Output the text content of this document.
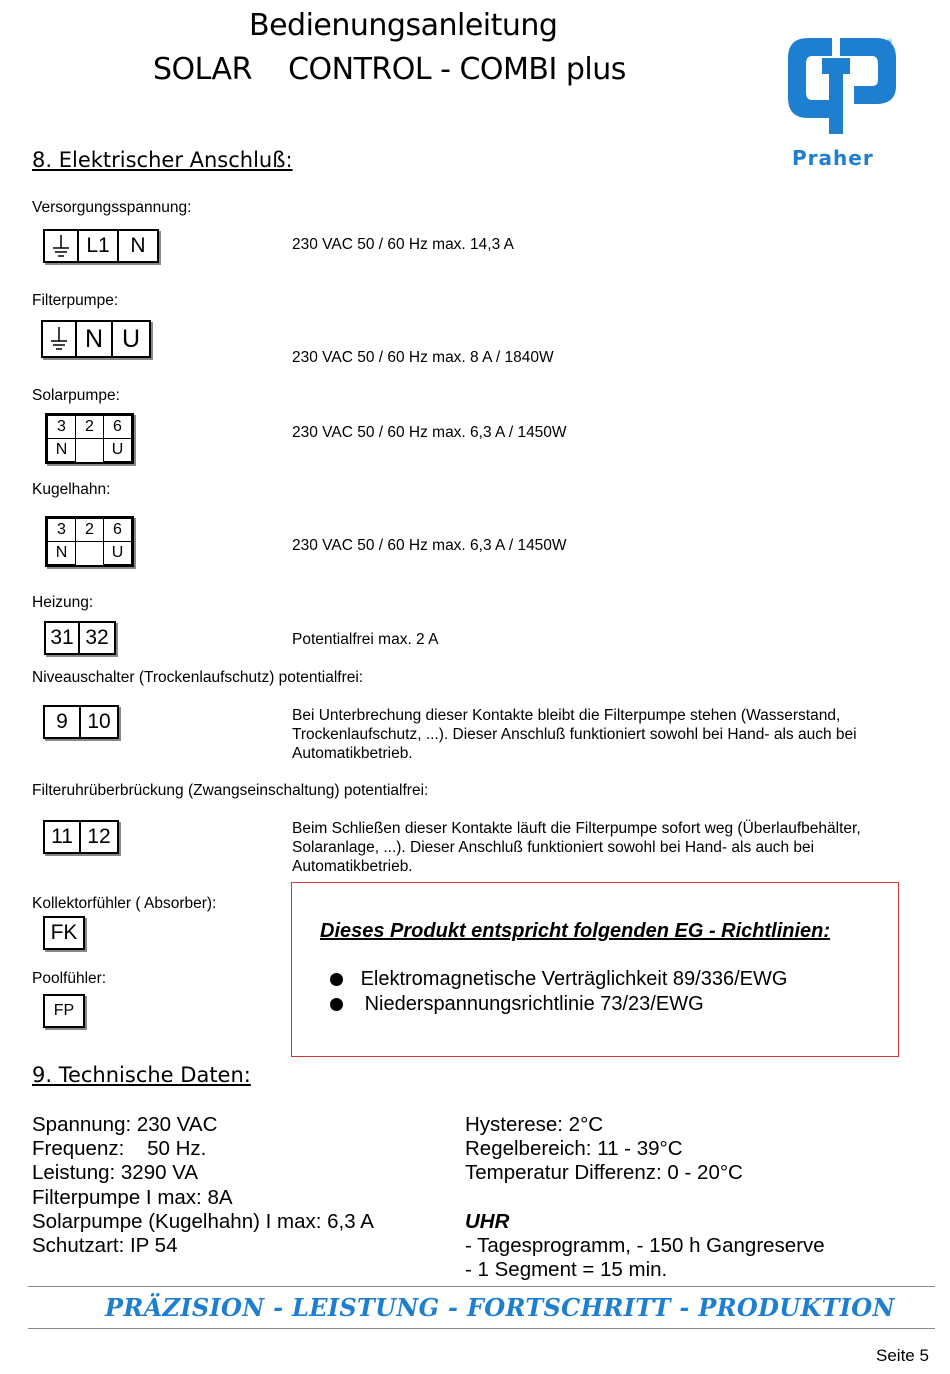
Bedienungsanleitung
SOLAR    CONTROL - COMBI plus
®
Praher
8. Elektrischer Anschluß:
Versorgungsspannung:
L1 N	230 VAC 50 / 60 Hz max. 14,3 A
Filterpumpe:
N U
230 VAC 50 / 60 Hz max. 8 A / 1840W
Solarpumpe:
3	2	6
N		U
230 VAC 50 / 60 Hz max. 6,3 A / 1450W
Kugelhahn:
3	2	6
N		U	230 VAC 50 / 60 Hz max. 6,3 A / 1450W
Heizung:
31 32	Potentialfrei max. 2 A
Niveauschalter (Trockenlaufschutz) potentialfrei:
9 10	Bei Unterbrechung dieser Kontakte bleibt die Filterpumpe stehen (Wasserstand, Trockenlaufschutz, ...). Dieser Anschluß funktioniert sowohl bei Hand- als auch bei Automatikbetrieb.
Filteruhrüberbrückung (Zwangseinschaltung) potentialfrei:
11 12	Beim Schließen dieser Kontakte läuft die Filterpumpe sofort weg (Überlaufbehälter, Solaranlage, ...). Dieser Anschluß funktioniert sowohl bei Hand- als auch bei Automatikbetrieb.
Kollektorfühler ( Absorber):
FK
Poolfühler:
FP
Dieses Produkt entspricht folgenden EG - Richtlinien:
Elektromagnetische Verträglichkeit 89/336/EWG
Niederspannungsrichtlinie 73/23/EWG
9. Technische Daten:
Spannung: 230 VAC
Frequenz:    50 Hz.
Leistung: 3290 VA
Filterpumpe I max: 8A
Solarpumpe (Kugelhahn) I max: 6,3 A
Schutzart: IP 54
Hysterese: 2°C
Regelbereich: 11 - 39°C
Temperatur Differenz: 0 - 20°C
UHR
- Tagesprogramm, - 150 h Gangreserve
- 1 Segment = 15 min.
PRÄZISION - LEISTUNG - FORTSCHRITT - PRODUKTION
Seite 5
